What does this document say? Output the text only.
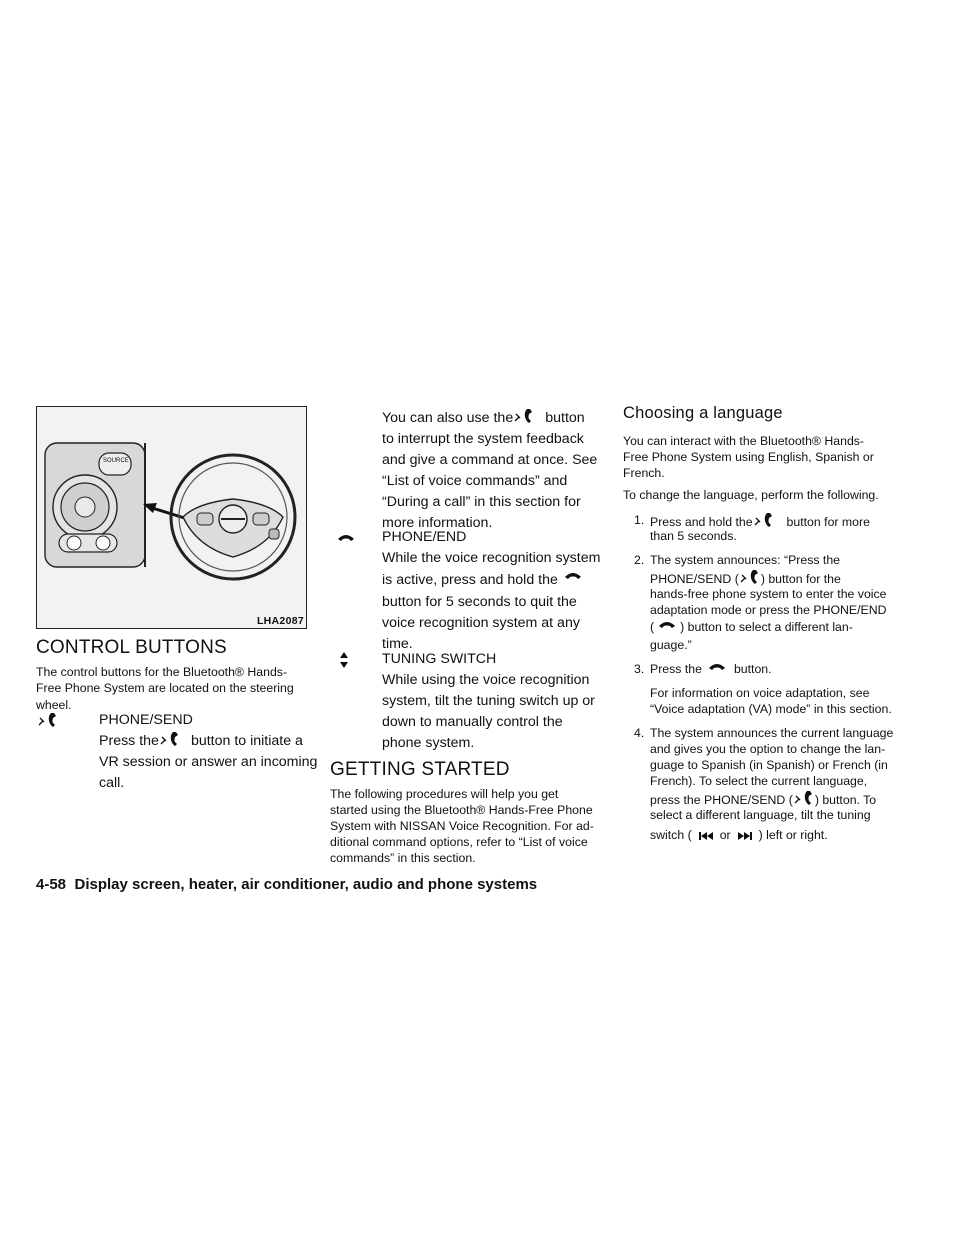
SOURCE
LHA2087
CONTROL BUTTONS
The control buttons for the Bluetooth® Hands-Free Phone System are located on the steering wheel.
PHONE/SEND
Press the button to initiate a
VR session or answer an incoming
call.
You can also use the button
to interrupt the system feedback
and give a command at once. See
“List of voice commands” and
“During a call” in this section for
more information.
PHONE/END
While the voice recognition system
is active, press and hold the
button for 5 seconds to quit the
voice recognition system at any
time.
TUNING SWITCH
While using the voice recognition
system, tilt the tuning switch up or
down to manually control the
phone system.
GETTING STARTED
The following procedures will help you get
started using the Bluetooth® Hands-Free Phone
System with NISSAN Voice Recognition. For ad-
ditional command options, refer to “List of voice
commands” in this section.
Choosing a language
You can interact with the Bluetooth® Hands-
Free Phone System using English, Spanish or
French.
To change the language, perform the following.
1. Press and hold the	button for more
than 5 seconds.
2. The system announces: “Press the
PHONE/SEND ( ) button for the
hands-free phone system to enter the voice
adaptation mode or press the PHONE/END
( ) button to select a different lan-
guage.”
3. Press the	button.
For information on voice adaptation, see
“Voice adaptation (VA) mode” in this section.
4. The system announces the current language
and gives you the option to change the lan-
guage to Spanish (in Spanish) or French (in
French). To select the current language,
press the PHONE/SEND ( ) button. To
select a different language, tilt the tuning
switch ( or ) left or right.
4-58 Display screen, heater, air conditioner, audio and phone systems
